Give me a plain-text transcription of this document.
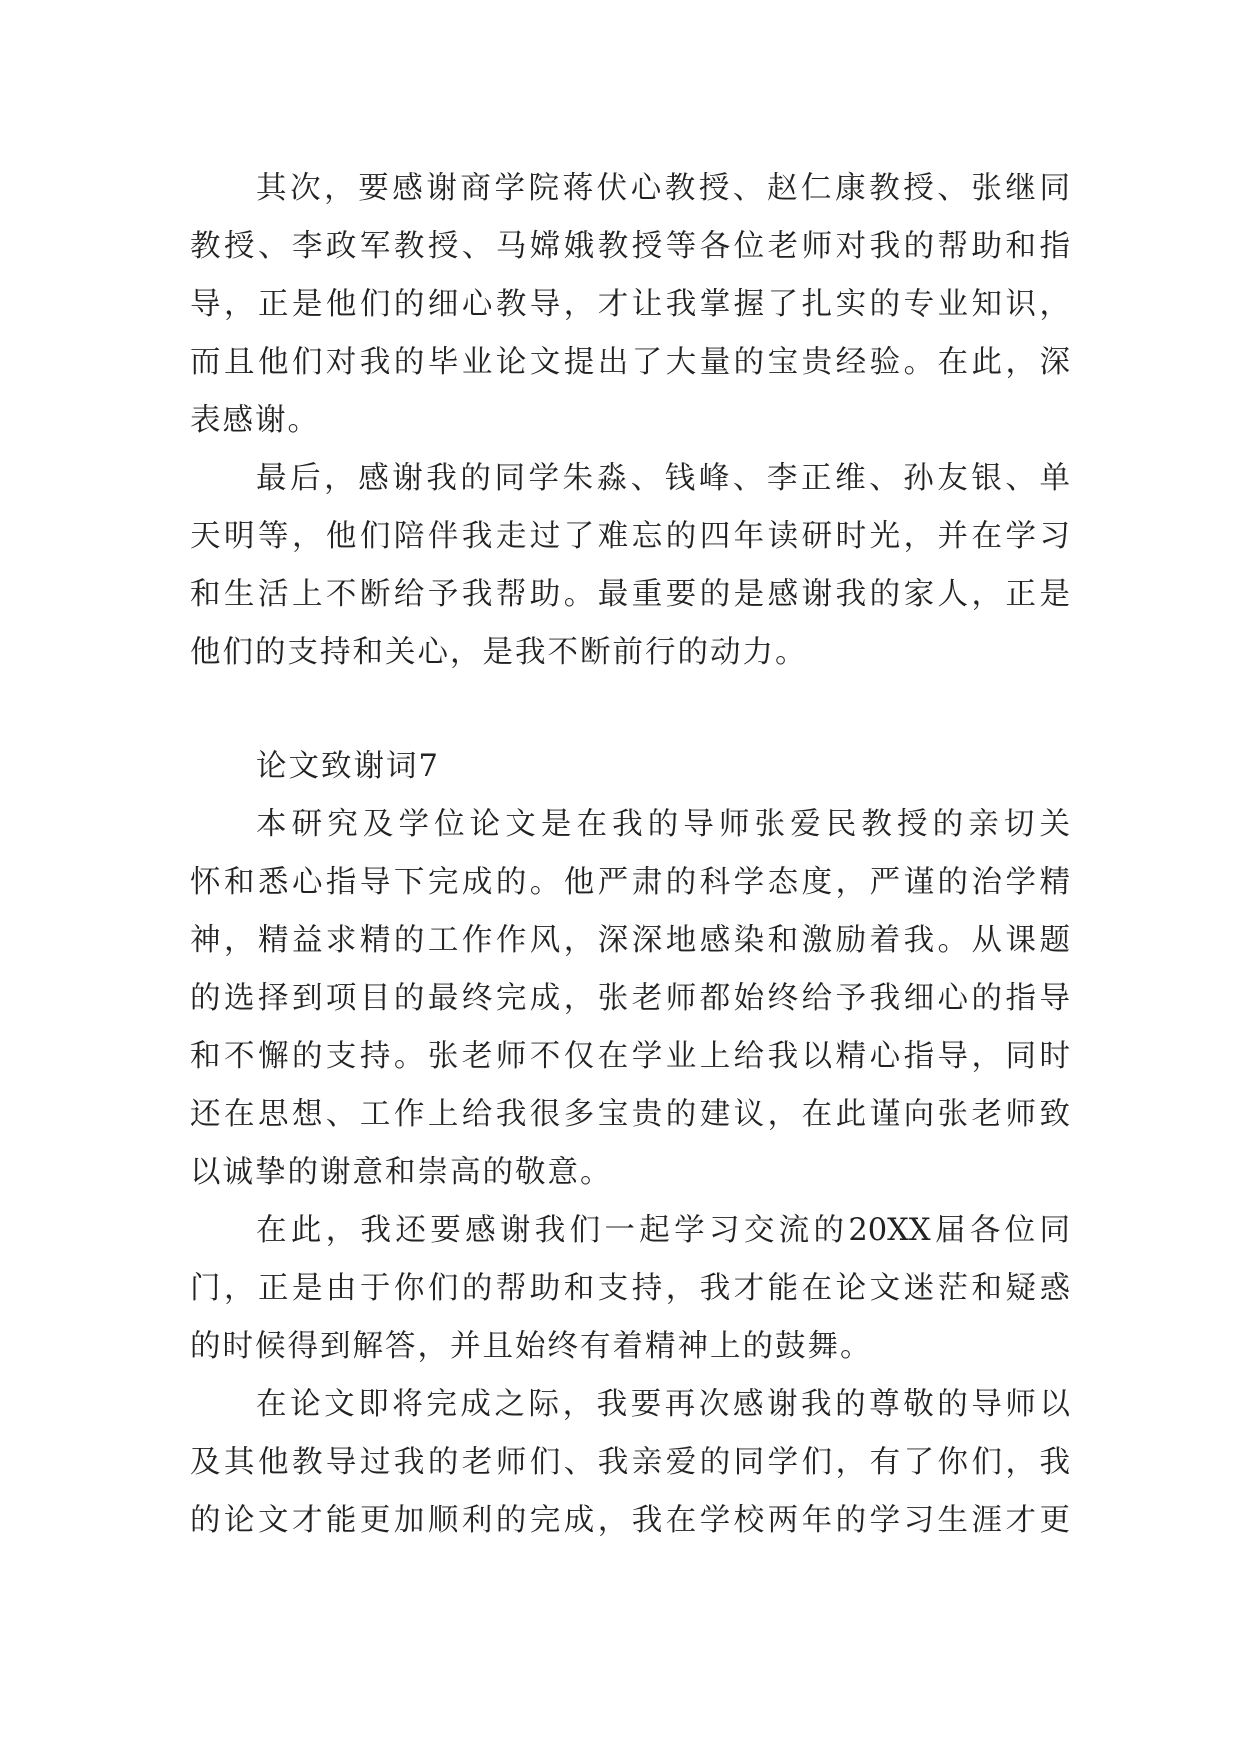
其次，要感谢商学院蒋伏心教授、赵仁康教授、张继同
教授、李政军教授、马嫦娥教授等各位老师对我的帮助和指
导，正是他们的细心教导，才让我掌握了扎实的专业知识，
而且他们对我的毕业论文提出了大量的宝贵经验。在此，深
表感谢。
最后，感谢我的同学朱淼、钱峰、李正维、孙友银、单
天明等，他们陪伴我走过了难忘的四年读研时光，并在学习
和生活上不断给予我帮助。最重要的是感谢我的家人，正是
他们的支持和关心，是我不断前行的动力。
论文致谢词7
本研究及学位论文是在我的导师张爱民教授的亲切关
怀和悉心指导下完成的。他严肃的科学态度，严谨的治学精
神，精益求精的工作作风，深深地感染和激励着我。从课题
的选择到项目的最终完成，张老师都始终给予我细心的指导
和不懈的支持。张老师不仅在学业上给我以精心指导，同时
还在思想、工作上给我很多宝贵的建议，在此谨向张老师致
以诚挚的谢意和崇高的敬意。
在此，我还要感谢我们一起学习交流的20XX届各位同
门，正是由于你们的帮助和支持，我才能在论文迷茫和疑惑
的时候得到解答，并且始终有着精神上的鼓舞。
在论文即将完成之际，我要再次感谢我的尊敬的导师以
及其他教导过我的老师们、我亲爱的同学们，有了你们，我
的论文才能更加顺利的完成，我在学校两年的学习生涯才更
